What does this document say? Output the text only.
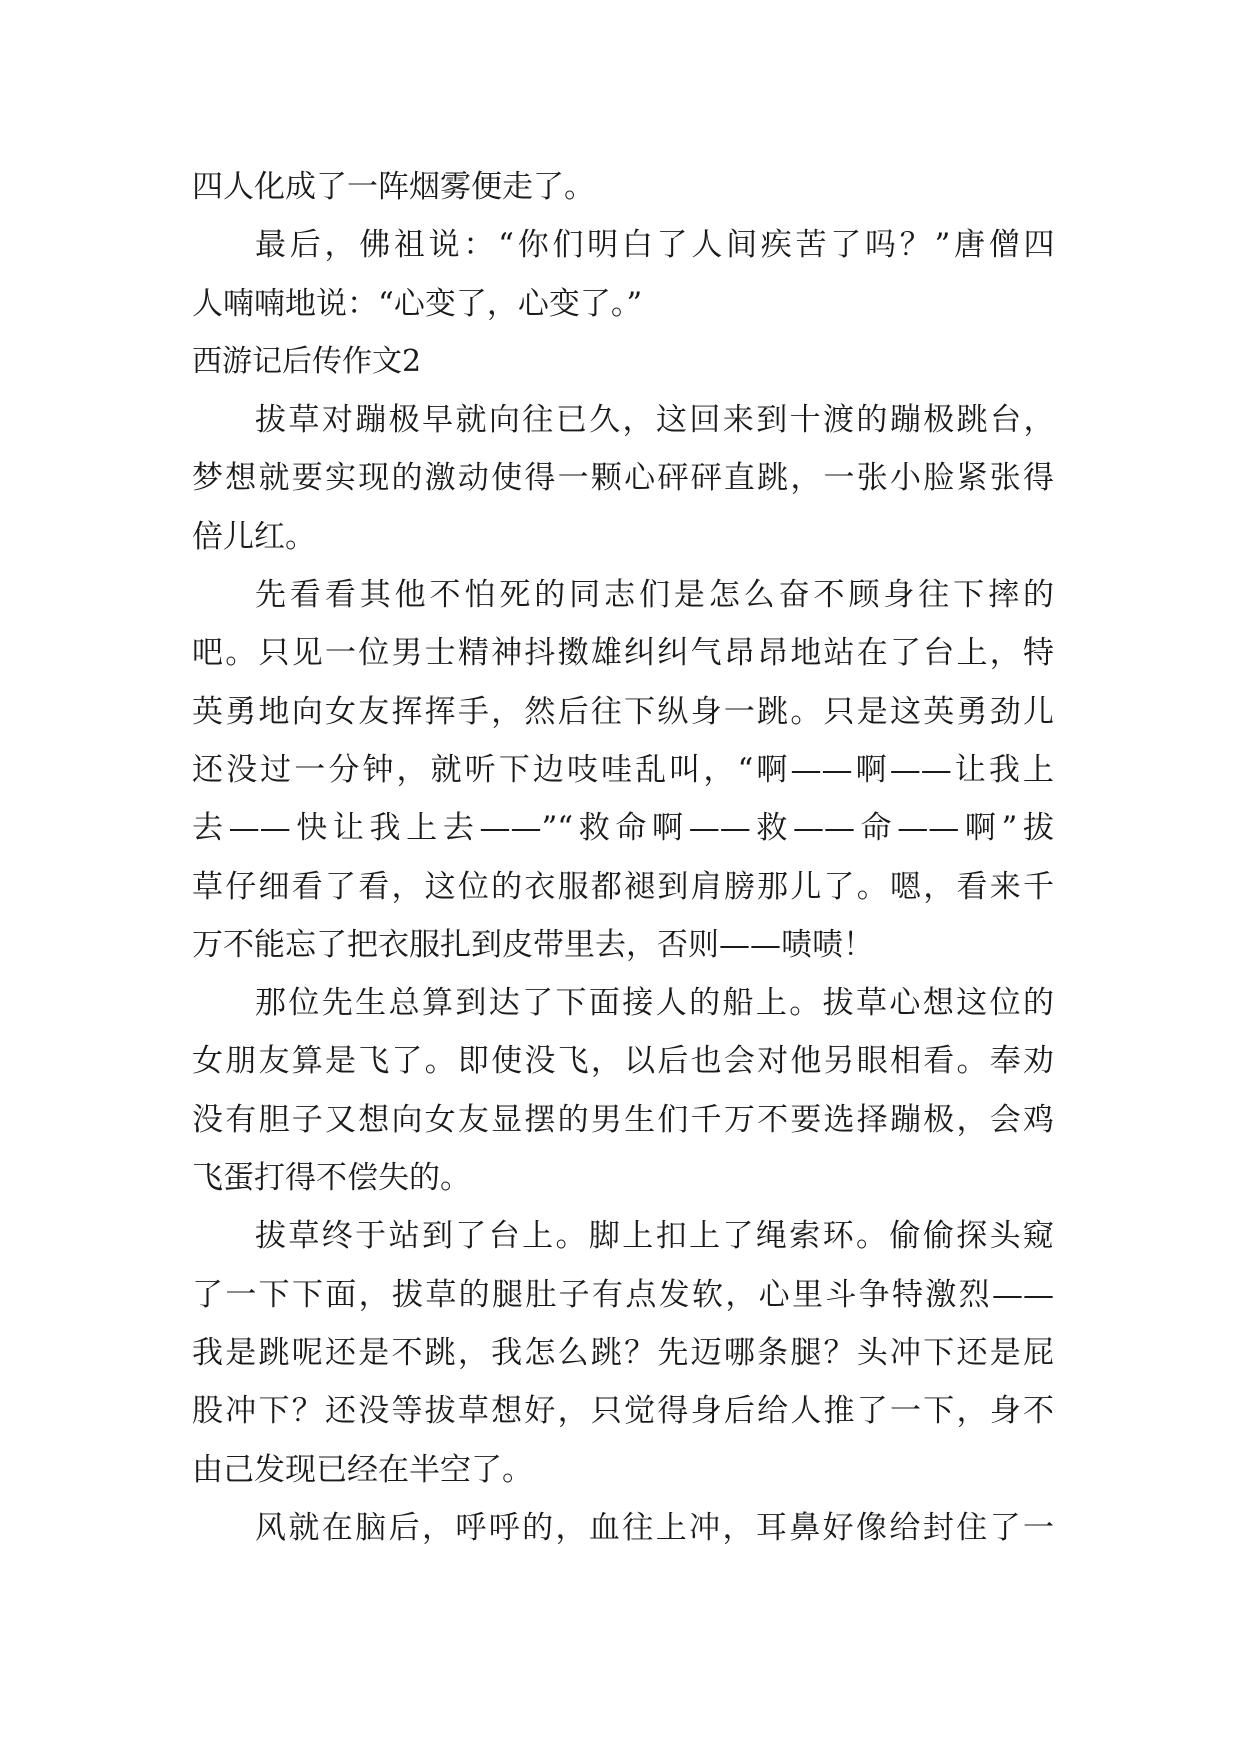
四人化成了一阵烟雾便走了。
最后，佛祖说：“你们明白了人间疾苦了吗？”唐僧四
人喃喃地说：“心变了，心变了。”
西游记后传作文2
拔草对蹦极早就向往已久，这回来到十渡的蹦极跳台，
梦想就要实现的激动使得一颗心砰砰直跳，一张小脸紧张得
倍儿红。
先看看其他不怕死的同志们是怎么奋不顾身往下摔的
吧。只见一位男士精神抖擞雄纠纠气昂昂地站在了台上，特
英勇地向女友挥挥手，然后往下纵身一跳。只是这英勇劲儿
还没过一分钟，就听下边吱哇乱叫，“啊——啊——让我上
去——快让我上去——”“救命啊——救——命——啊”拔
草仔细看了看，这位的衣服都褪到肩膀那儿了。嗯，看来千
万不能忘了把衣服扎到皮带里去，否则——啧啧！
那位先生总算到达了下面接人的船上。拔草心想这位的
女朋友算是飞了。即使没飞，以后也会对他另眼相看。奉劝
没有胆子又想向女友显摆的男生们千万不要选择蹦极，会鸡
飞蛋打得不偿失的。
拔草终于站到了台上。脚上扣上了绳索环。偷偷探头窥
了一下下面，拔草的腿肚子有点发软，心里斗争特激烈——
我是跳呢还是不跳，我怎么跳？先迈哪条腿？头冲下还是屁
股冲下？还没等拔草想好，只觉得身后给人推了一下，身不
由己发现已经在半空了。
风就在脑后，呼呼的，血往上冲，耳鼻好像给封住了一
